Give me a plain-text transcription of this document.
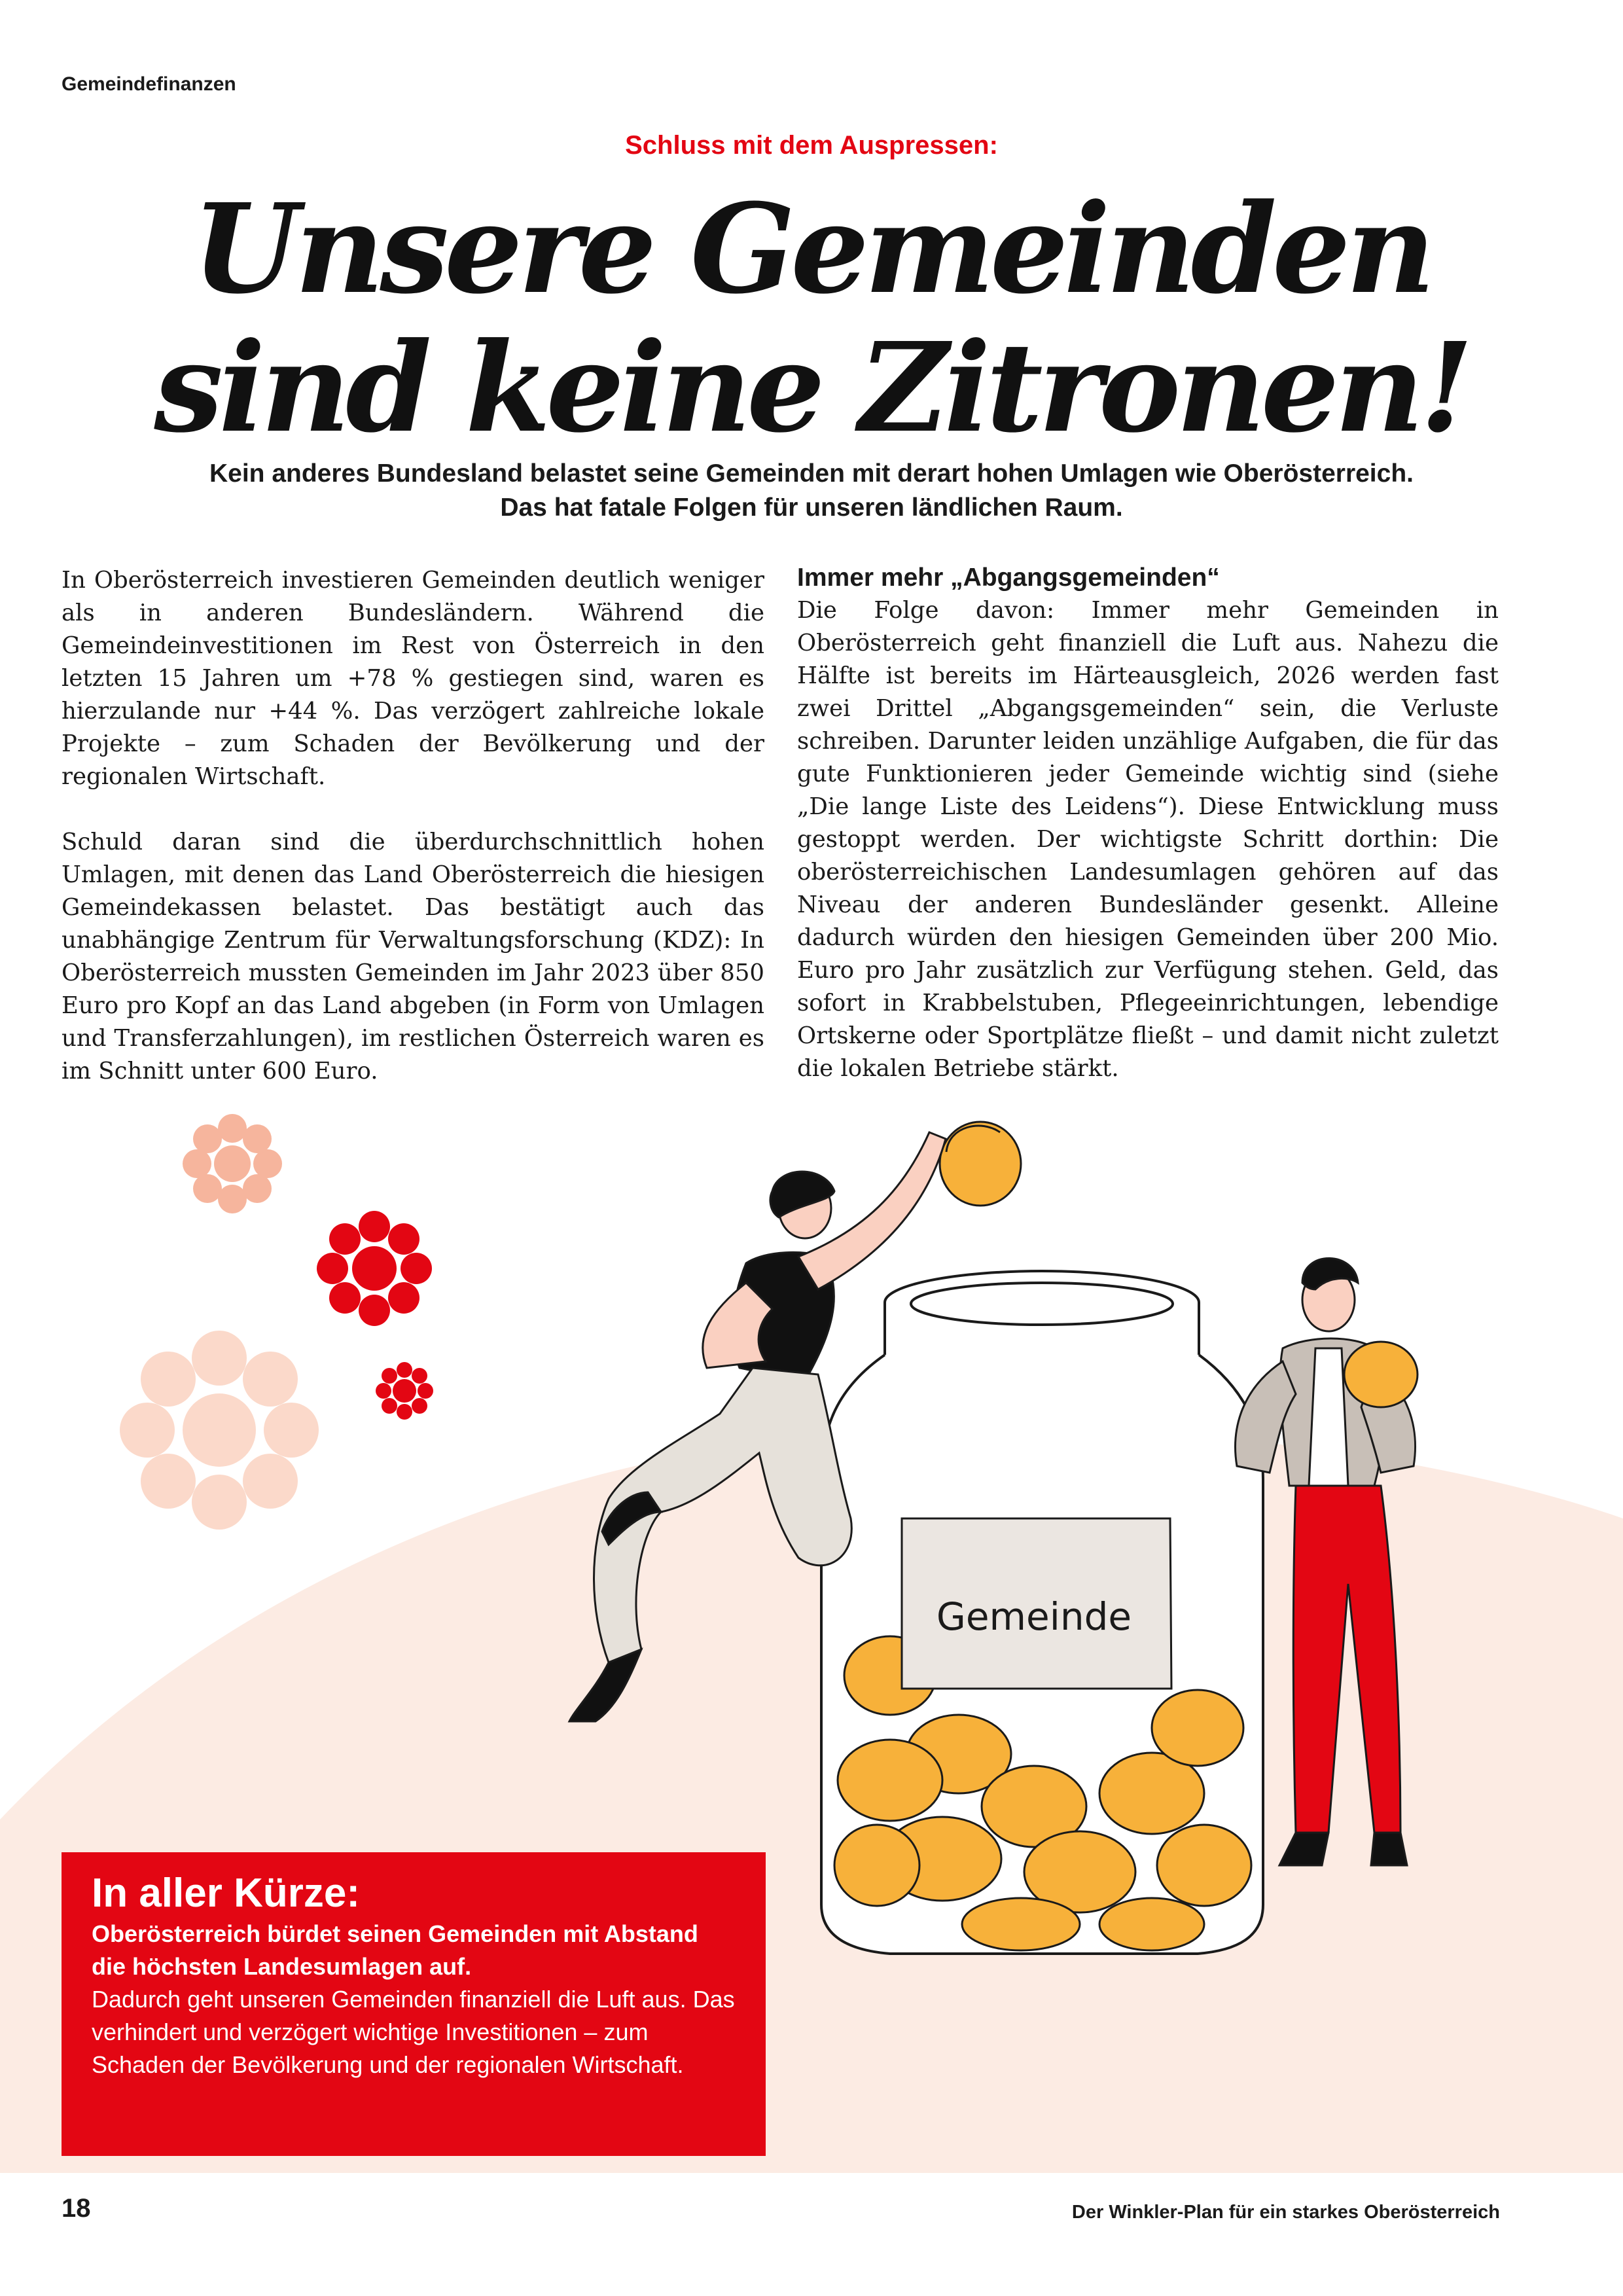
Gemeindefinanzen
Schluss mit dem Auspressen:
Unsere Gemeinden
sind keine Zitronen!
Kein anderes Bundesland belastet seine Gemeinden mit derart hohen Umlagen wie Oberösterreich.
Das hat fatale Folgen für unseren ländlichen Raum.

In Oberösterreich investieren Gemeinden deutlich weniger als in anderen Bundesländern. Während die Gemeindeinvestitionen im Rest von Österreich in den letzten 15 Jahren um +78 % gestiegen sind, waren es hierzulande nur +44 %. Das verzögert zahlreiche lokale Projekte – zum Schaden der Bevölkerung und der regionalen Wirtschaft.

Schuld daran sind die überdurchschnittlich hohen Umlagen, mit denen das Land Oberösterreich die hiesigen Gemeindekassen belastet. Das bestätigt auch das unabhängige Zentrum für Verwaltungsforschung (KDZ): In Oberösterreich mussten Gemeinden im Jahr 2023 über 850 Euro pro Kopf an das Land abgeben (in Form von Umlagen und Transferzahlungen), im restlichen Österreich waren es im Schnitt unter 600 Euro.

Immer mehr „Abgangsgemeinden“

Die Folge davon: Immer mehr Gemeinden in Oberösterreich geht finanziell die Luft aus. Nahezu die Hälfte ist bereits im Härteausgleich, 2026 werden fast zwei Drittel „Abgangsgemeinden“ sein, die Verluste schreiben. Darunter leiden unzählige Aufgaben, die für das gute Funktionieren jeder Gemeinde wichtig sind (siehe „Die lange Liste des Leidens“). Diese Entwicklung muss gestoppt werden. Der wichtigste Schritt dorthin: Die oberösterreichischen Landesumlagen gehören auf das Niveau der anderen Bundesländer gesenkt. Alleine dadurch würden den hiesigen Gemeinden über 200 Mio. Euro pro Jahr zusätzlich zur Verfügung stehen. Geld, das sofort in Krabbelstuben, Pflegeeinrichtungen, lebendige Ortskerne oder Sportplätze fließt – und damit nicht zuletzt die lokalen Betriebe stärkt.

Gemeinde
In aller Kürze:
Oberösterreich bürdet seinen Gemeinden mit Abstand die höchsten Landesumlagen auf.
Dadurch geht unseren Gemeinden finanziell die Luft aus. Das verhindert und verzögert wichtige Investitionen – zum Schaden der Bevölkerung und der regionalen Wirtschaft.
18	Der Winkler-Plan für ein starkes Oberösterreich
